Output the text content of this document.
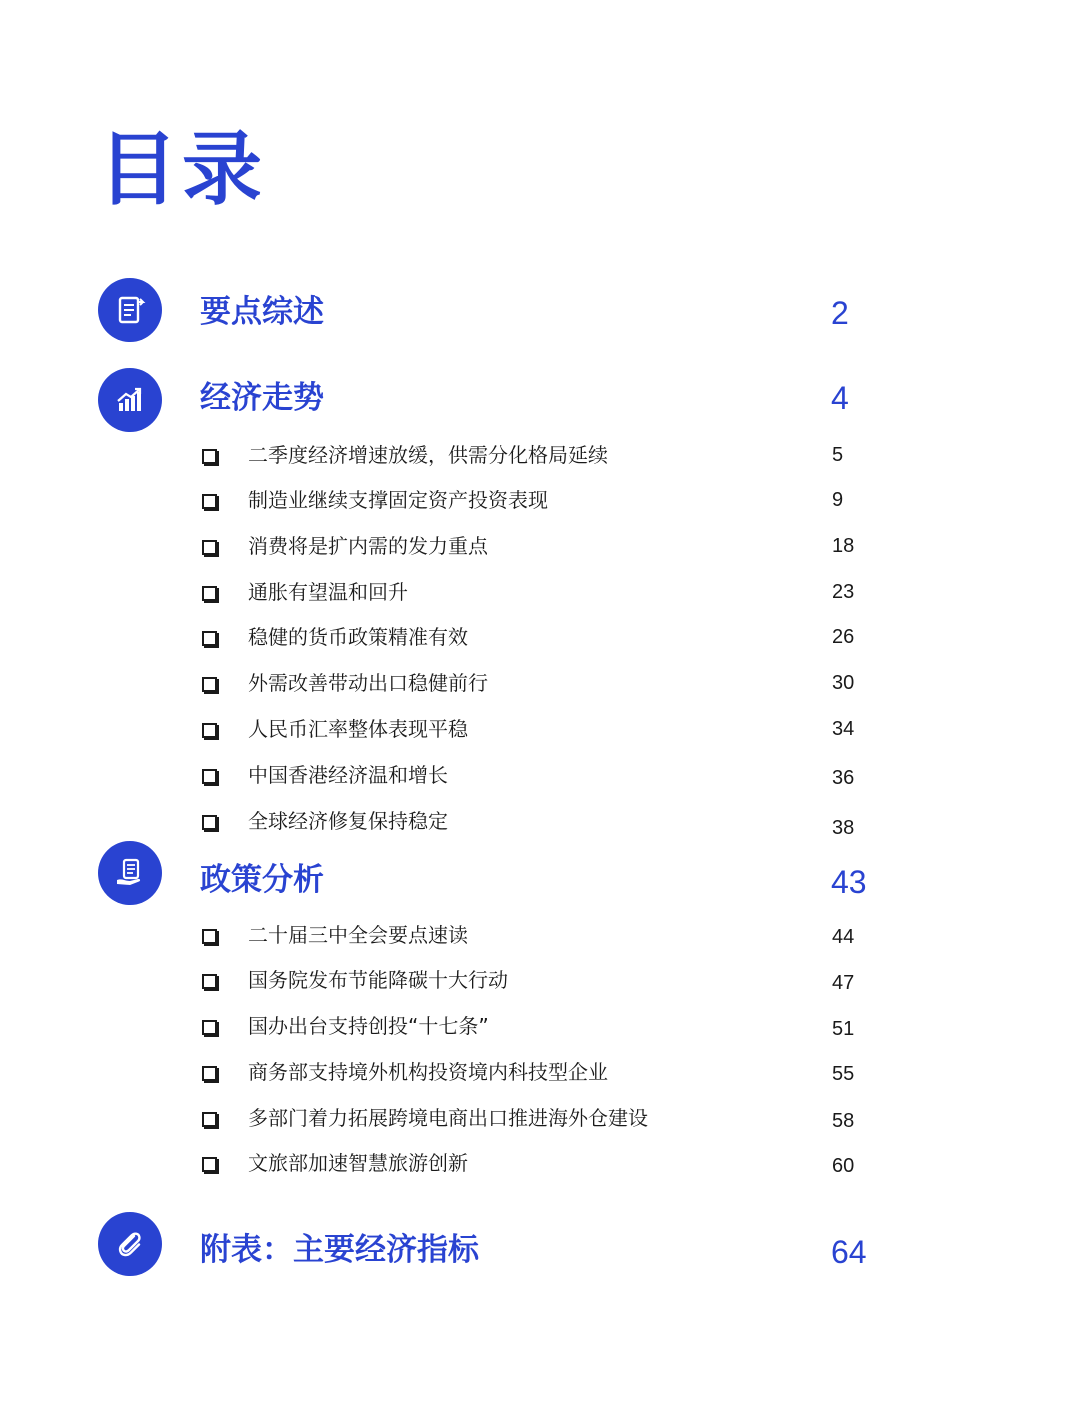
目录
要点综述	2
经济走势	4
二季度经济增速放缓，供需分化格局延续	5
制造业继续支撑固定资产投资表现	9
消费将是扩内需的发力重点	18
通胀有望温和回升	23
稳健的货币政策精准有效	26
外需改善带动出口稳健前行	30
人民币汇率整体表现平稳	34
中国香港经济温和增长	36
全球经济修复保持稳定	38
政策分析	43
二十届三中全会要点速读	44
国务院发布节能降碳十大行动	47
国办出台支持创投“十七条”	51
商务部支持境外机构投资境内科技型企业	55
多部门着力拓展跨境电商出口推进海外仓建设	58
文旅部加速智慧旅游创新	60
附表：主要经济指标	64
